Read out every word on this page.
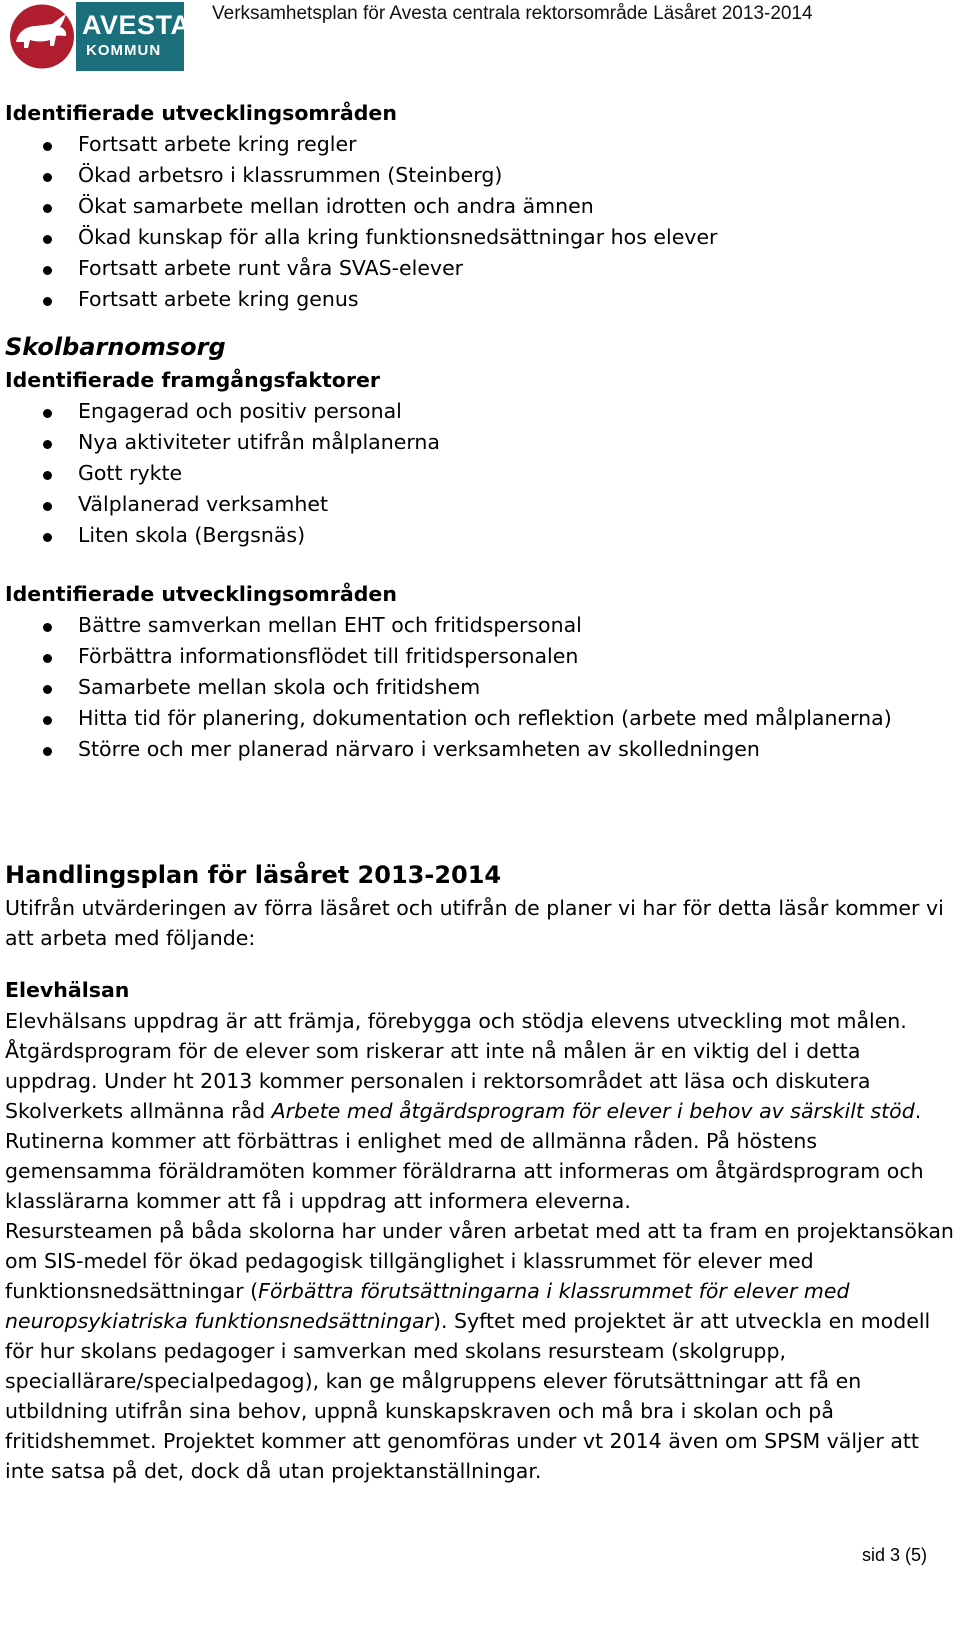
AVESTA
KOMMUN
Verksamhetsplan för Avesta centrala rektorsområde Läsåret 2013-2014
Identifierade utvecklingsområden
Fortsatt arbete kring regler
Ökad arbetsro i klassrummen (Steinberg)
Ökat samarbete mellan idrotten och andra ämnen
Ökad kunskap för alla kring funktionsnedsättningar hos elever
Fortsatt arbete runt våra SVAS-elever
Fortsatt arbete kring genus
Skolbarnomsorg
Identifierade framgångsfaktorer
Engagerad och positiv personal
Nya aktiviteter utifrån målplanerna
Gott rykte
Välplanerad verksamhet
Liten skola (Bergsnäs)
Identifierade utvecklingsområden
Bättre samverkan mellan EHT och fritidspersonal
Förbättra informationsflödet till fritidspersonalen
Samarbete mellan skola och fritidshem
Hitta tid för planering, dokumentation och reflektion (arbete med målplanerna)
Större och mer planerad närvaro i verksamheten av skolledningen
Handlingsplan för läsåret 2013-2014

Utifrån utvärderingen av förra läsåret och utifrån de planer vi har för detta läsår kommer vi att arbeta med följande:

Elevhälsan

Elevhälsans uppdrag är att främja, förebygga och stödja elevens utveckling mot målen. Åtgärdsprogram för de elever som riskerar att inte nå målen är en viktig del i detta uppdrag. Under ht 2013 kommer personalen i rektorsområdet att läsa och diskutera Skolverkets allmänna råd Arbete med åtgärdsprogram för elever i behov av särskilt stöd. Rutinerna kommer att förbättras i enlighet med de allmänna råden. På höstens gemensamma föräldramöten kommer föräldrarna att informeras om åtgärdsprogram och klasslärarna kommer att få i uppdrag att informera eleverna.

Resursteamen på båda skolorna har under våren arbetat med att ta fram en projektansökan om SIS-medel för ökad pedagogisk tillgänglighet i klassrummet för elever med funktionsnedsättningar (Förbättra förutsättningarna i klassrummet för elever med neuropsykiatriska funktionsnedsättningar). Syftet med projektet är att utveckla en modell för hur skolans pedagoger i samverkan med skolans resursteam (skolgrupp, speciallärare/specialpedagog), kan ge målgruppens elever förutsättningar att få en utbildning utifrån sina behov, uppnå kunskapskraven och må bra i skolan och på fritidshemmet. Projektet kommer att genomföras under vt 2014 även om SPSM väljer att inte satsa på det, dock då utan projektanställningar.

sid 3 (5)
